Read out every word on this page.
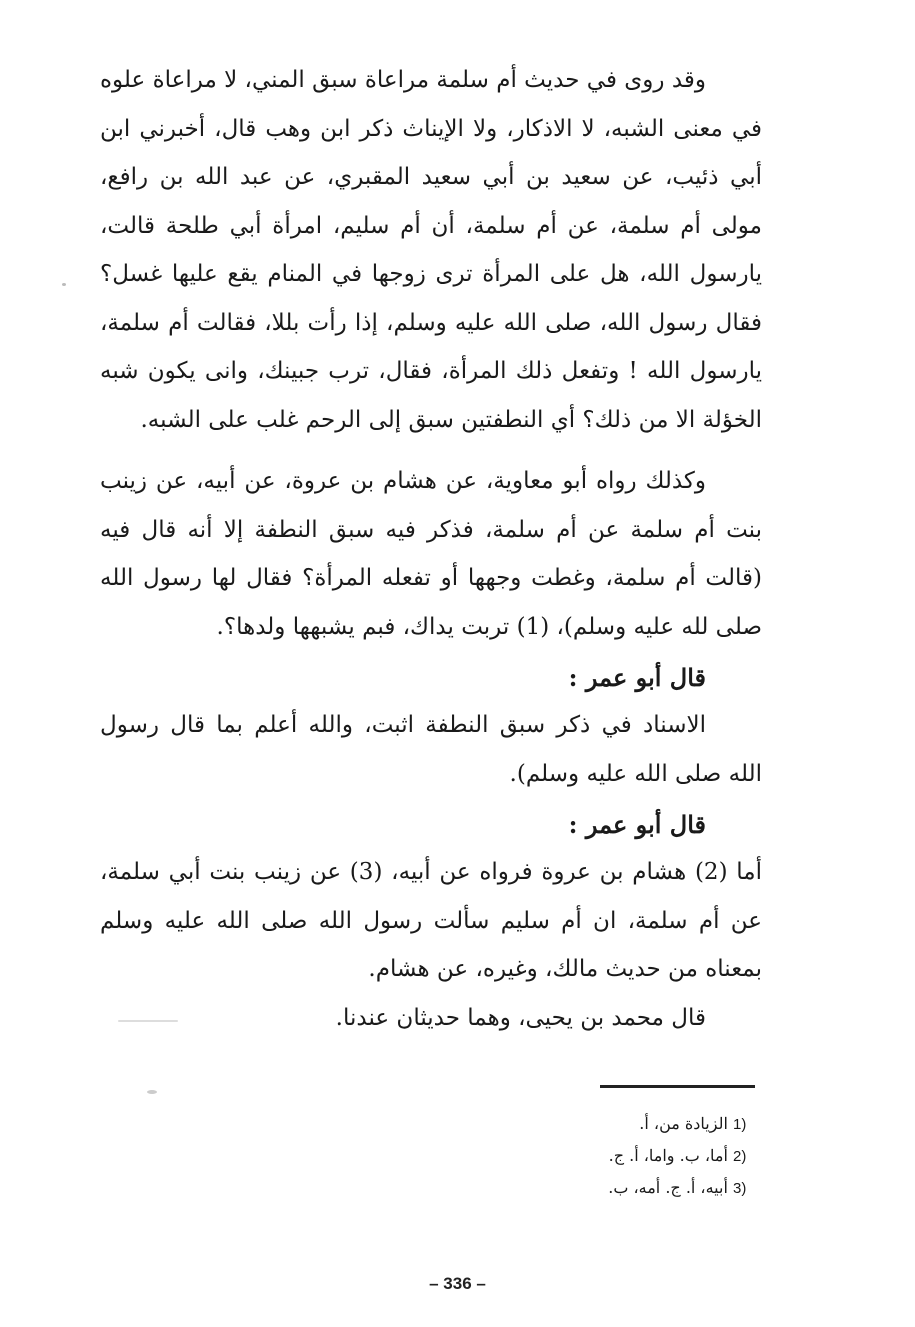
وقد روى في حديث أم سلمة مراعاة سبق المني، لا مراعاة علوه في معنى الشبه، لا الاذكار، ولا الإيناث ذكر ابن وهب قال، أخبرني ابن أبي ذئيب، عن سعيد بن أبي سعيد المقبري، عن عبد الله بن رافع، مولى أم سلمة، عن أم سلمة، أن أم سليم، امرأة أبي طلحة قالت، يارسول الله، هل على المرأة ترى زوجها في المنام يقع عليها غسل؟ فقال رسول الله، صلى الله عليه وسلم، إذا رأت بللا، فقالت أم سلمة، يارسول الله ! وتفعل ذلك المرأة، فقال، ترب جبينك، وانى يكون شبه الخؤلة الا من ذلك؟ أي النطفتين سبق إلى الرحم غلب على الشبه.

وكذلك رواه أبو معاوية، عن هشام بن عروة، عن أبيه، عن زينب بنت أم سلمة عن أم سلمة، فذكر فيه سبق النطفة إلا أنه قال فيه (قالت أم سلمة، وغطت وجهها أو تفعله المرأة؟ فقال لها رسول الله صلى لله عليه وسلم)، (1) تربت يداك، فبم يشبهها ولدها؟.

قال أبو عمر :

الاسناد في ذكر سبق النطفة اثبت، والله أعلم بما قال رسول الله صلى الله عليه وسلم).

قال أبو عمر :

أما (2) هشام بن عروة فرواه عن أبيه، (3) عن زينب بنت أبي سلمة، عن أم سلمة، ان أم سليم سألت رسول الله صلى الله عليه وسلم بمعناه من حديث مالك، وغيره، عن هشام.

قال محمد بن يحيى، وهما حديثان عندنا.

1) الزيادة من، أ.

2) أما، ب. واما، أ. ج.

3) أبيه، أ. ج. أمه، ب.

– 336 –
